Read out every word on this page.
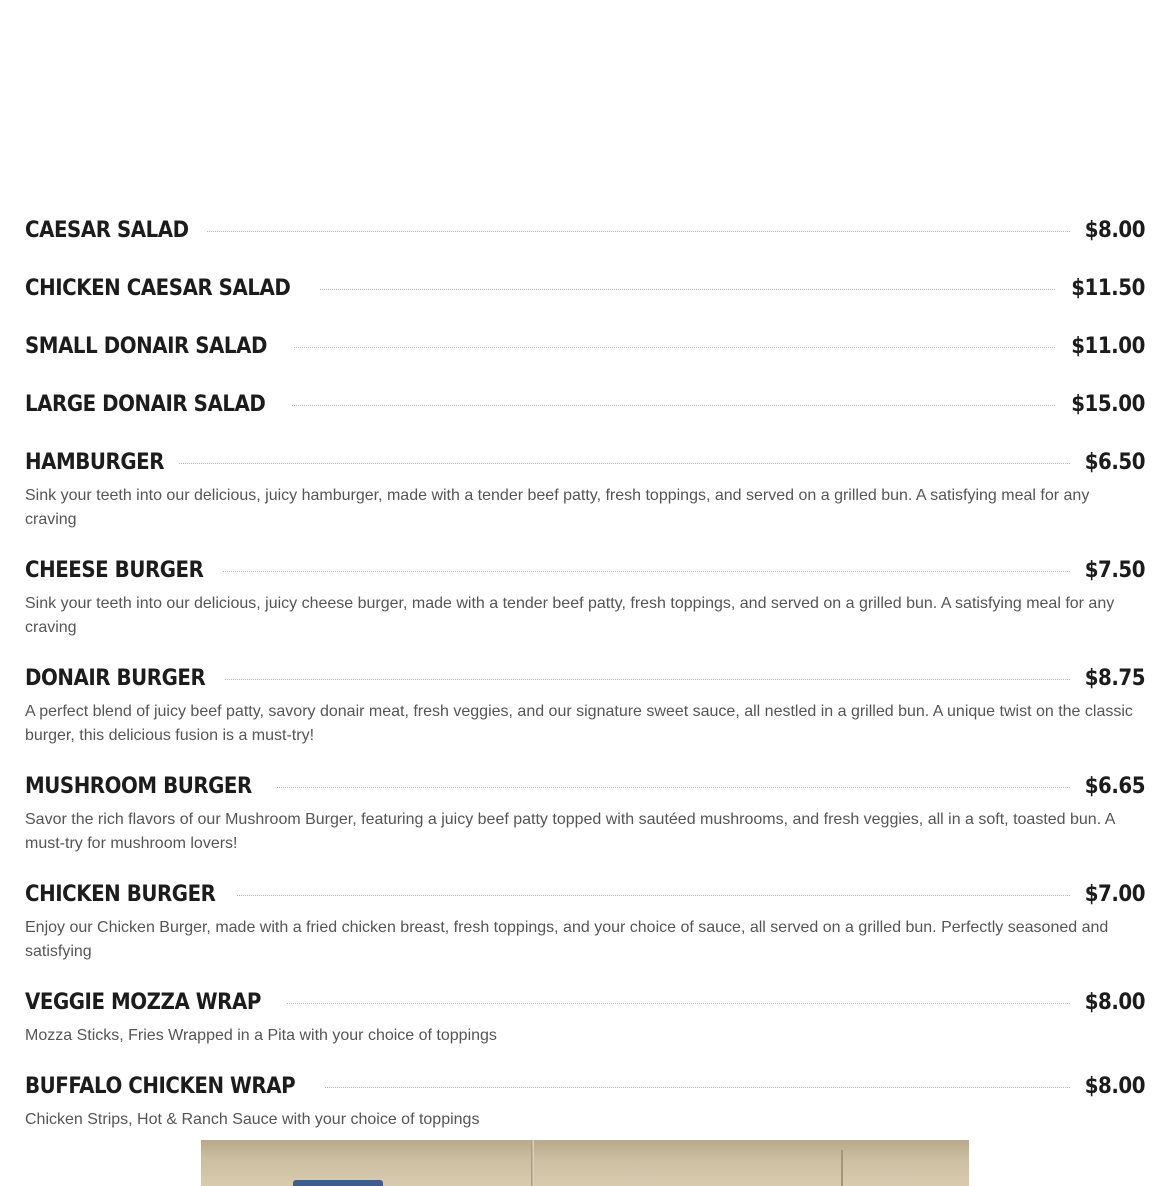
CAESAR SALAD	$8.00
CHICKEN CAESAR SALAD	$11.50
SMALL DONAIR SALAD	$11.00
LARGE DONAIR SALAD	$15.00
HAMBURGER	$6.50
Sink your teeth into our delicious, juicy hamburger, made with a tender beef patty, fresh toppings, and served on a grilled bun. A satisfying meal for any craving
CHEESE BURGER	$7.50
Sink your teeth into our delicious, juicy cheese burger, made with a tender beef patty, fresh toppings, and served on a grilled bun. A satisfying meal for any craving
DONAIR BURGER	$8.75
A perfect blend of juicy beef patty, savory donair meat, fresh veggies, and our signature sweet sauce, all nestled in a grilled bun. A unique twist on the classic burger, this delicious fusion is a must-try!
MUSHROOM BURGER	$6.65
Savor the rich flavors of our Mushroom Burger, featuring a juicy beef patty topped with sautéed mushrooms, and fresh veggies, all in a soft, toasted bun. A must-try for mushroom lovers!
CHICKEN BURGER	$7.00
Enjoy our Chicken Burger, made with a fried chicken breast, fresh toppings, and your choice of sauce, all served on a grilled bun. Perfectly seasoned and satisfying
VEGGIE MOZZA WRAP	$8.00
Mozza Sticks, Fries Wrapped in a Pita with your choice of toppings
BUFFALO CHICKEN WRAP	$8.00
Chicken Strips, Hot & Ranch Sauce with your choice of toppings
